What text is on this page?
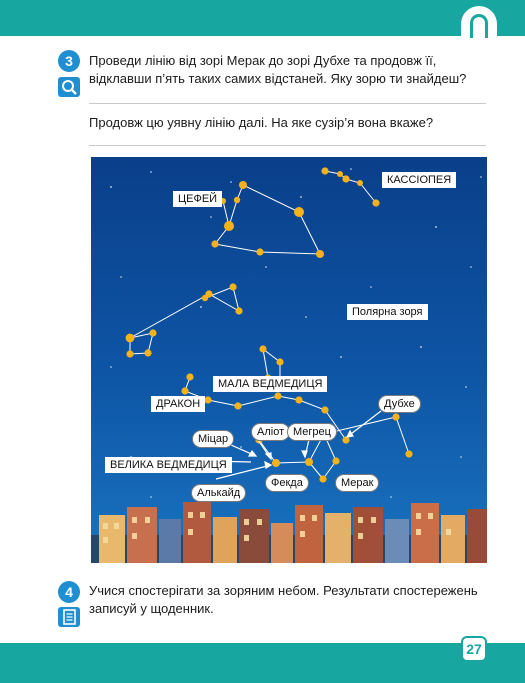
3	Проведи лінію від зорі Мерак до зорі Дубхе та продовж її,
відклавши п’ять таких самих відстаней. Яку зорю ти знайдеш?
Продовж цю уявну лінію далі. На яке сузір’я вона вкаже?
КАССІОПЕЯ
ЦЕФЕЙ
Полярна зоря
МАЛА ВЕДМЕДИЦЯ
ДРАКОН	Дубхе
Аліот Мегрец
Міцар
ВЕЛИКА ВЕДМЕДИЦЯ
Фекда	Мерак
Алькайд
4	Учися спостерігати за зоряним небом. Результати спостережень
записуй у щоденник.
27
